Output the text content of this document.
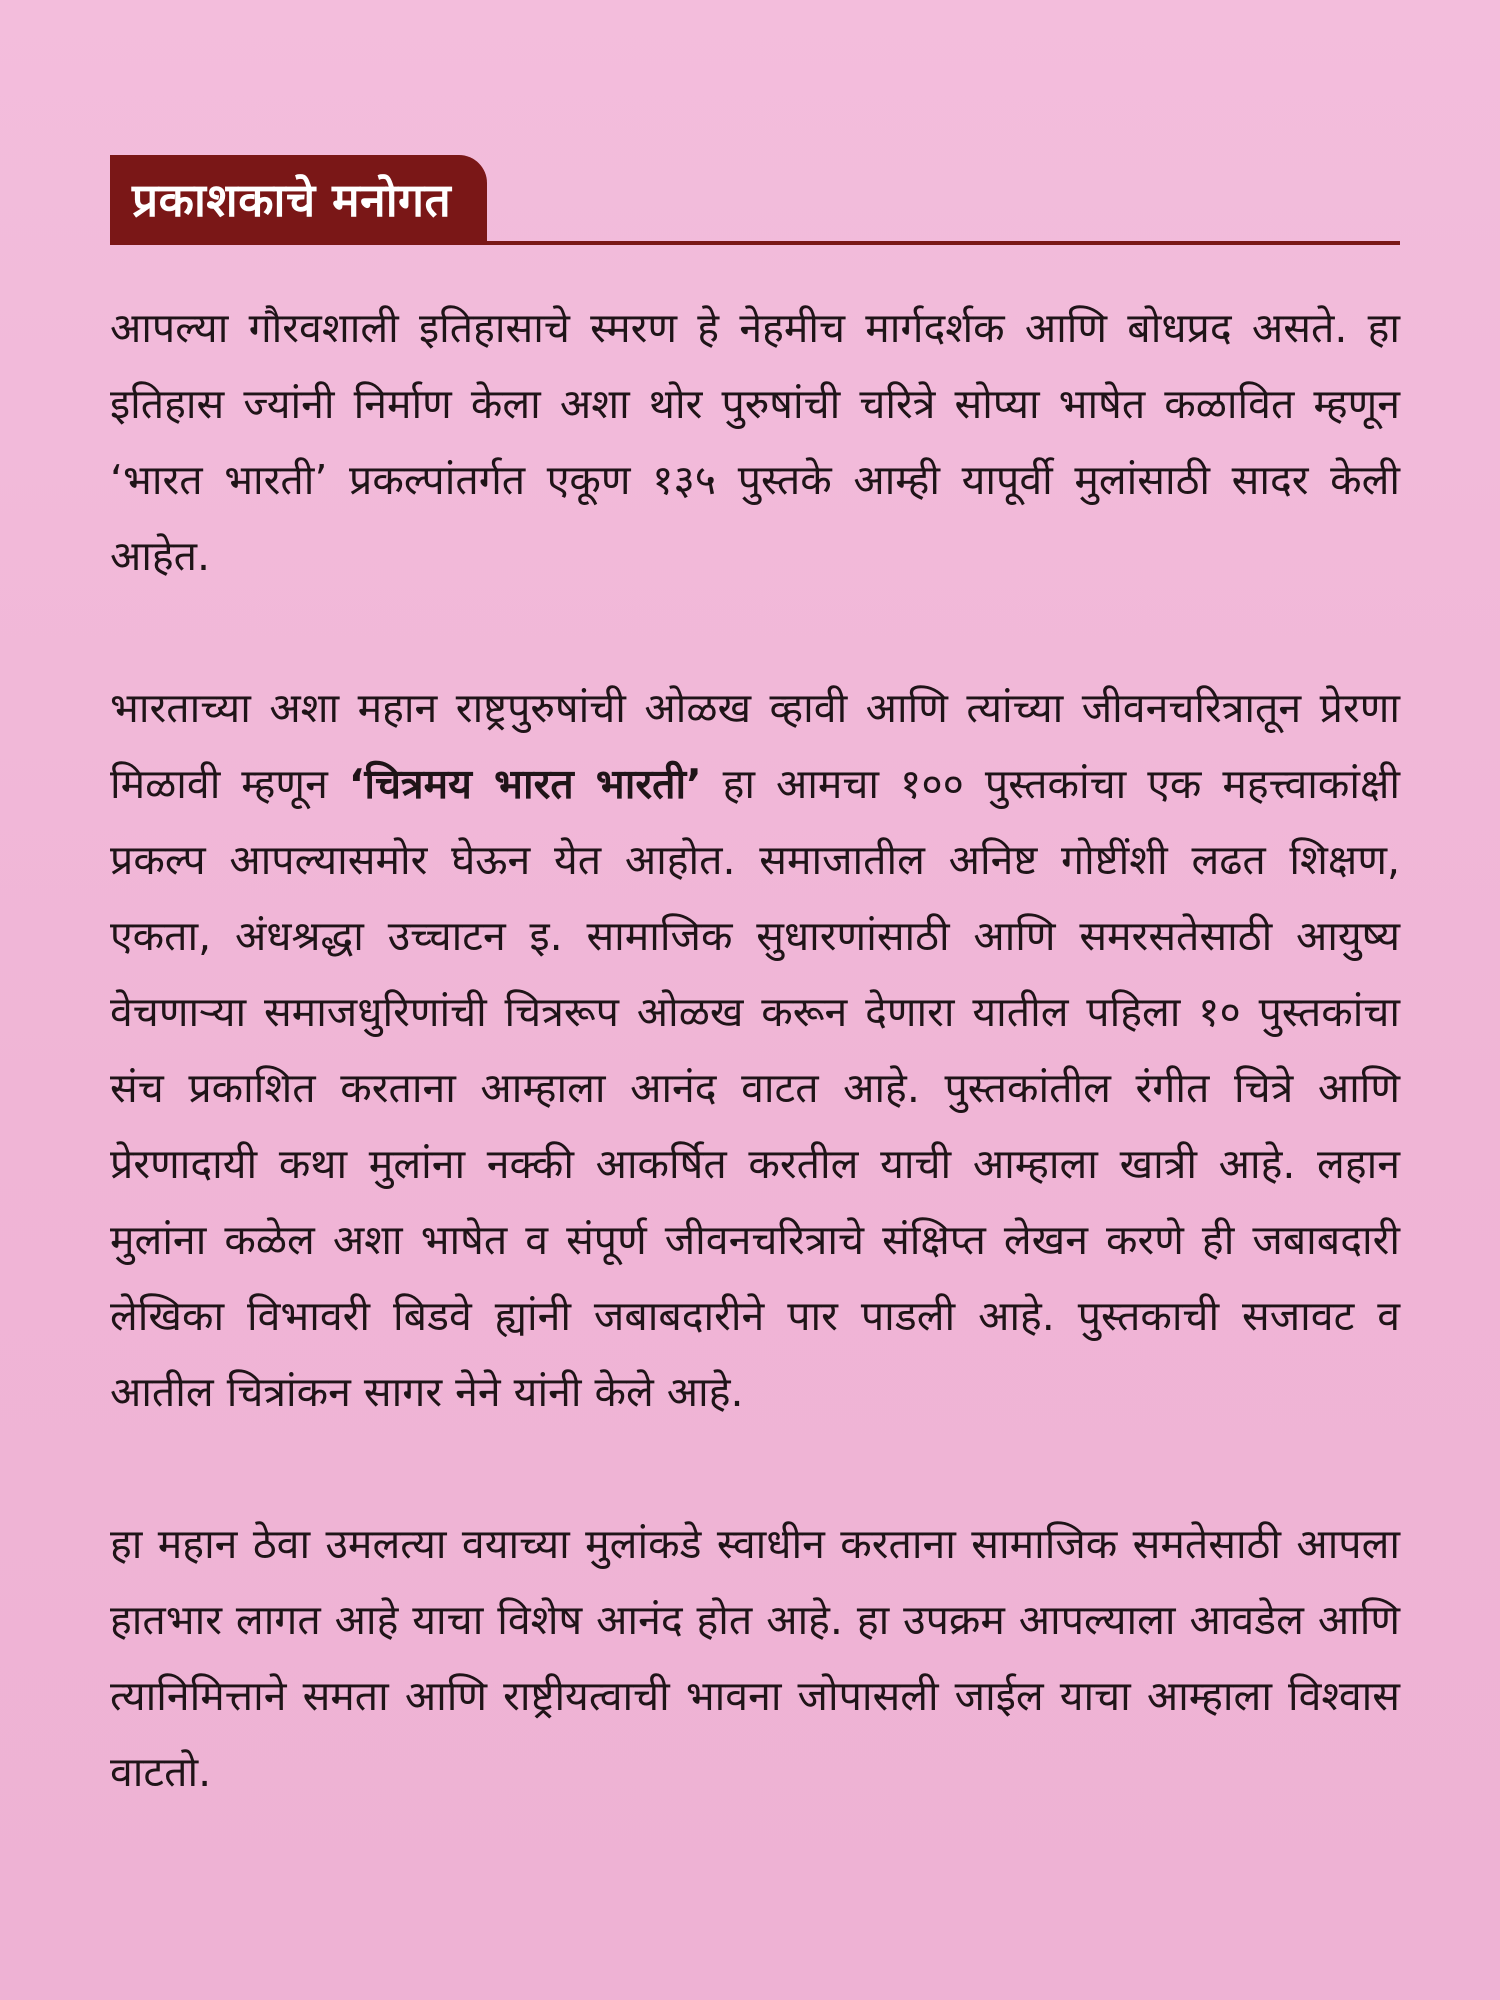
प्रकाशकाचे मनोगत

आपल्या गौरवशाली इतिहासाचे स्मरण हे नेहमीच मार्गदर्शक आणि बोधप्रद असते. हा इतिहास ज्यांनी निर्माण केला अशा थोर पुरुषांची चरित्रे सोप्या भाषेत कळावित म्हणून ‘भारत भारती’ प्रकल्पांतर्गत एकूण १३५ पुस्तके आम्ही यापूर्वी मुलांसाठी सादर केली आहेत.

भारताच्या अशा महान राष्ट्रपुरुषांची ओळख व्हावी आणि त्यांच्या जीवनचरित्रातून प्रेरणा मिळावी म्हणून ‘चित्रमय भारत भारती’ हा आमचा १०० पुस्तकांचा एक महत्त्वाकांक्षी प्रकल्प आपल्यासमोर घेऊन येत आहोत. समाजातील अनिष्ट गोष्टींशी लढत शिक्षण, एकता, अंधश्रद्धा उच्चाटन इ. सामाजिक सुधारणांसाठी आणि समरसतेसाठी आयुष्य वेचणाऱ्या समाजधुरिणांची चित्ररूप ओळख करून देणारा यातील पहिला १० पुस्तकांचा संच प्रकाशित करताना आम्हाला आनंद वाटत आहे. पुस्तकांतील रंगीत चित्रे आणि प्रेरणादायी कथा मुलांना नक्की आकर्षित करतील याची आम्हाला खात्री आहे. लहान मुलांना कळेल अशा भाषेत व संपूर्ण जीवनचरित्राचे संक्षिप्त लेखन करणे ही जबाबदारी लेखिका विभावरी बिडवे ह्यांनी जबाबदारीने पार पाडली आहे. पुस्तकाची सजावट व आतील चित्रांकन सागर नेने यांनी केले आहे.

हा महान ठेवा उमलत्या वयाच्या मुलांकडे स्वाधीन करताना सामाजिक समतेसाठी आपला हातभार लागत आहे याचा विशेष आनंद होत आहे. हा उपक्रम आपल्याला आवडेल आणि त्यानिमित्ताने समता आणि राष्ट्रीयत्वाची भावना जोपासली जाईल याचा आम्हाला विश्वास वाटतो.
